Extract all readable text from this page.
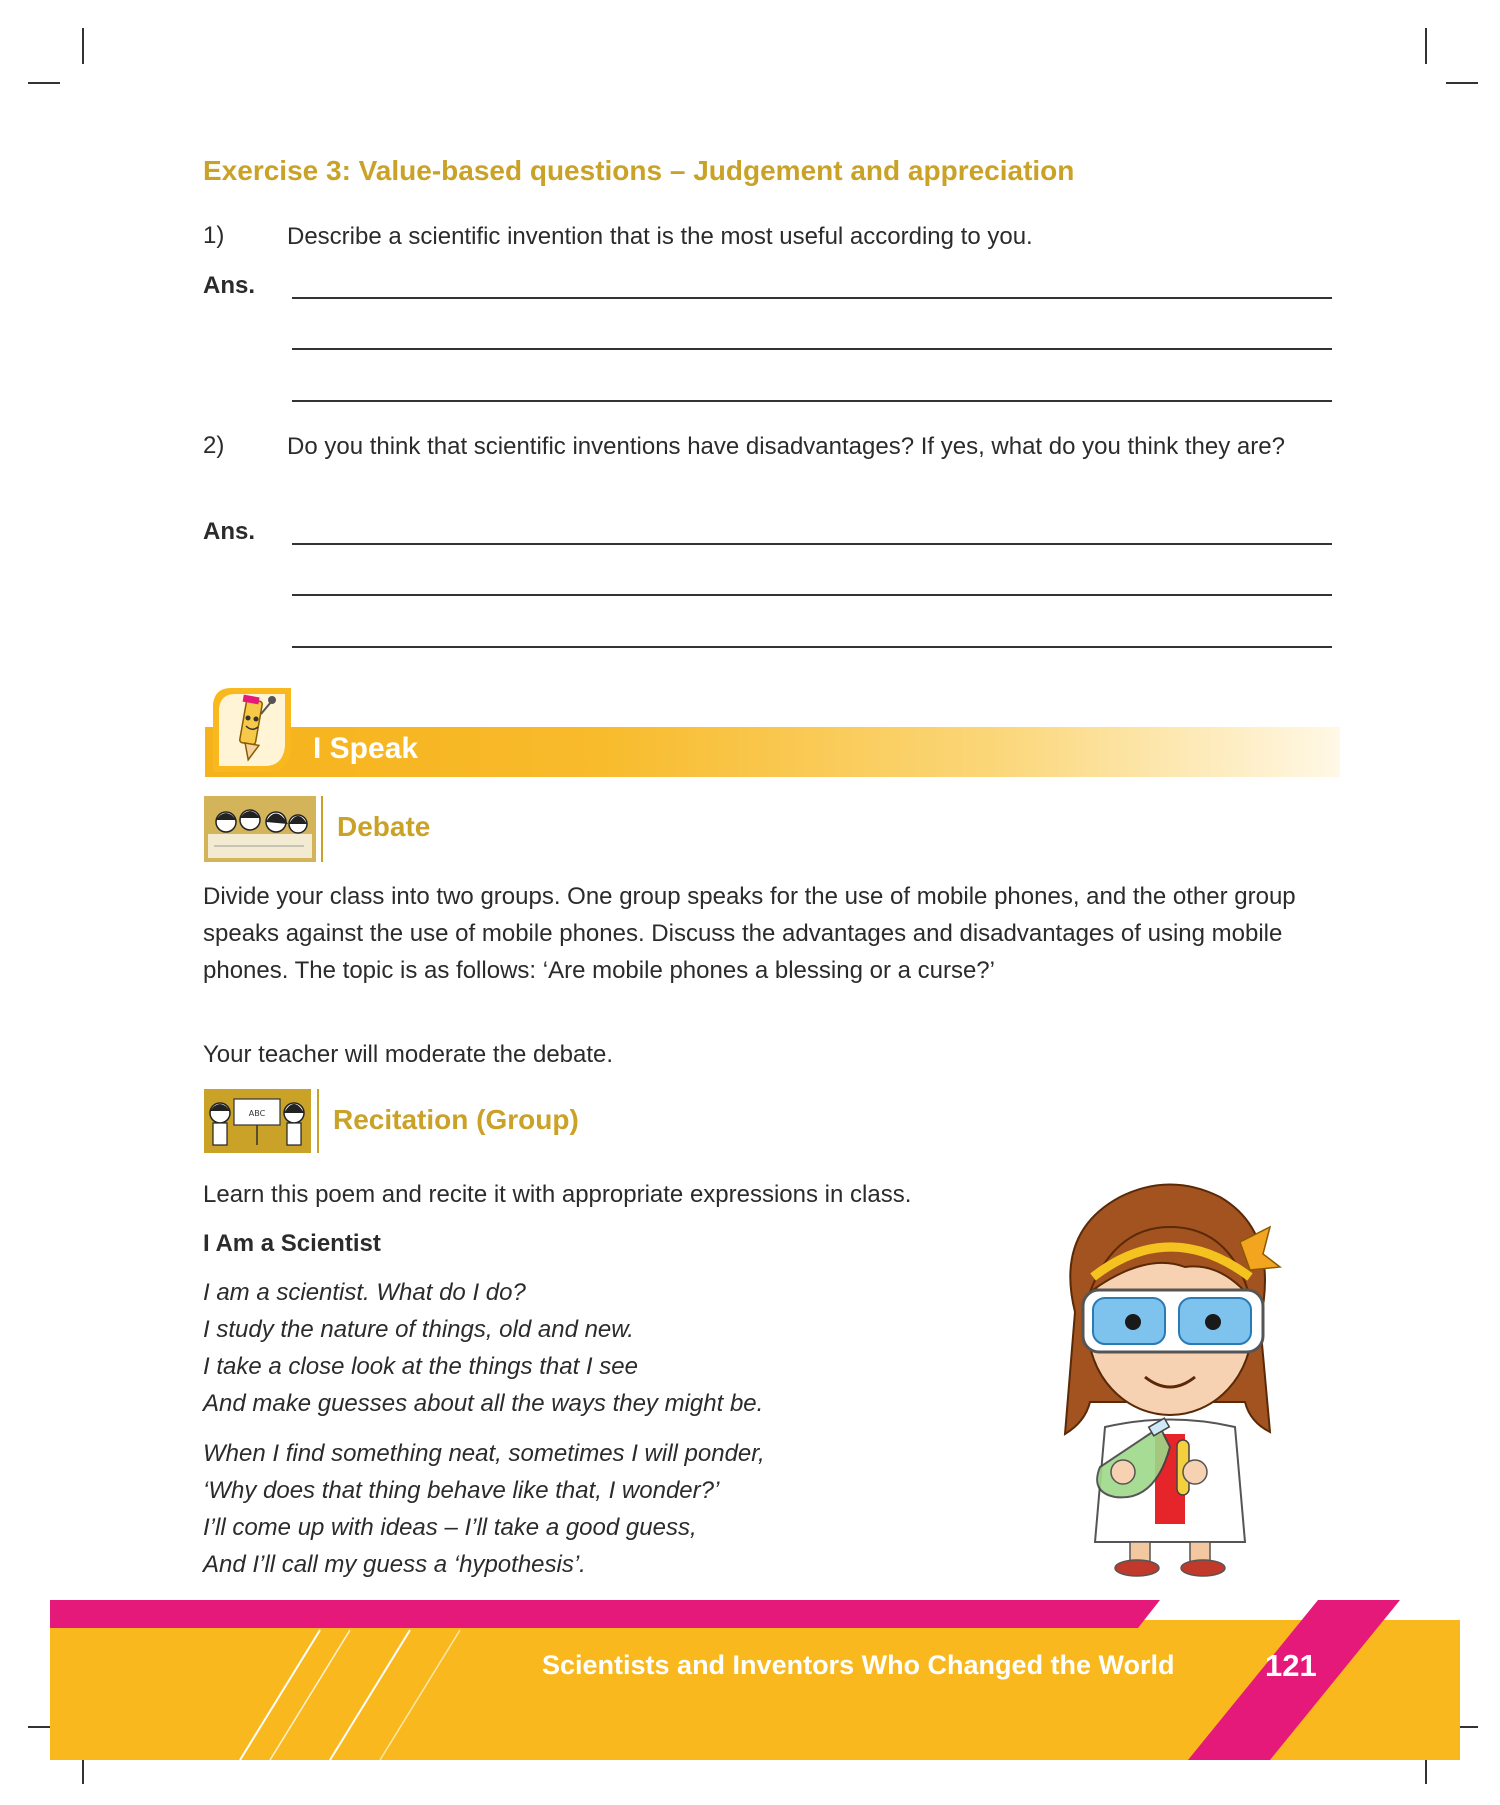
Exercise 3: Value-based questions – Judgement and appreciation
1)	Describe a scientific invention that is the most useful according to you.
Ans.
2)	Do you think that scientific inventions have disadvantages? If yes, what do you think they are?
Ans.
I Speak
Debate
Divide your class into two groups. One group speaks for the use of mobile phones, and the other group speaks against the use of mobile phones. Discuss the advantages and disadvantages of using mobile phones. The topic is as follows: ‘Are mobile phones a blessing or a curse?’
Your teacher will moderate the debate.
ABC Recitation (Group)
Learn this poem and recite it with appropriate expressions in class.
I Am a Scientist
I am a scientist. What do I do?
I study the nature of things, old and new.
I take a close look at the things that I see
And make guesses about all the ways they might be.
When I find something neat, sometimes I will ponder,
‘Why does that thing behave like that, I wonder?’
I’ll come up with ideas – I’ll take a good guess,
And I’ll call my guess a ‘hypothesis’.
Scientists and Inventors Who Changed the World	121
